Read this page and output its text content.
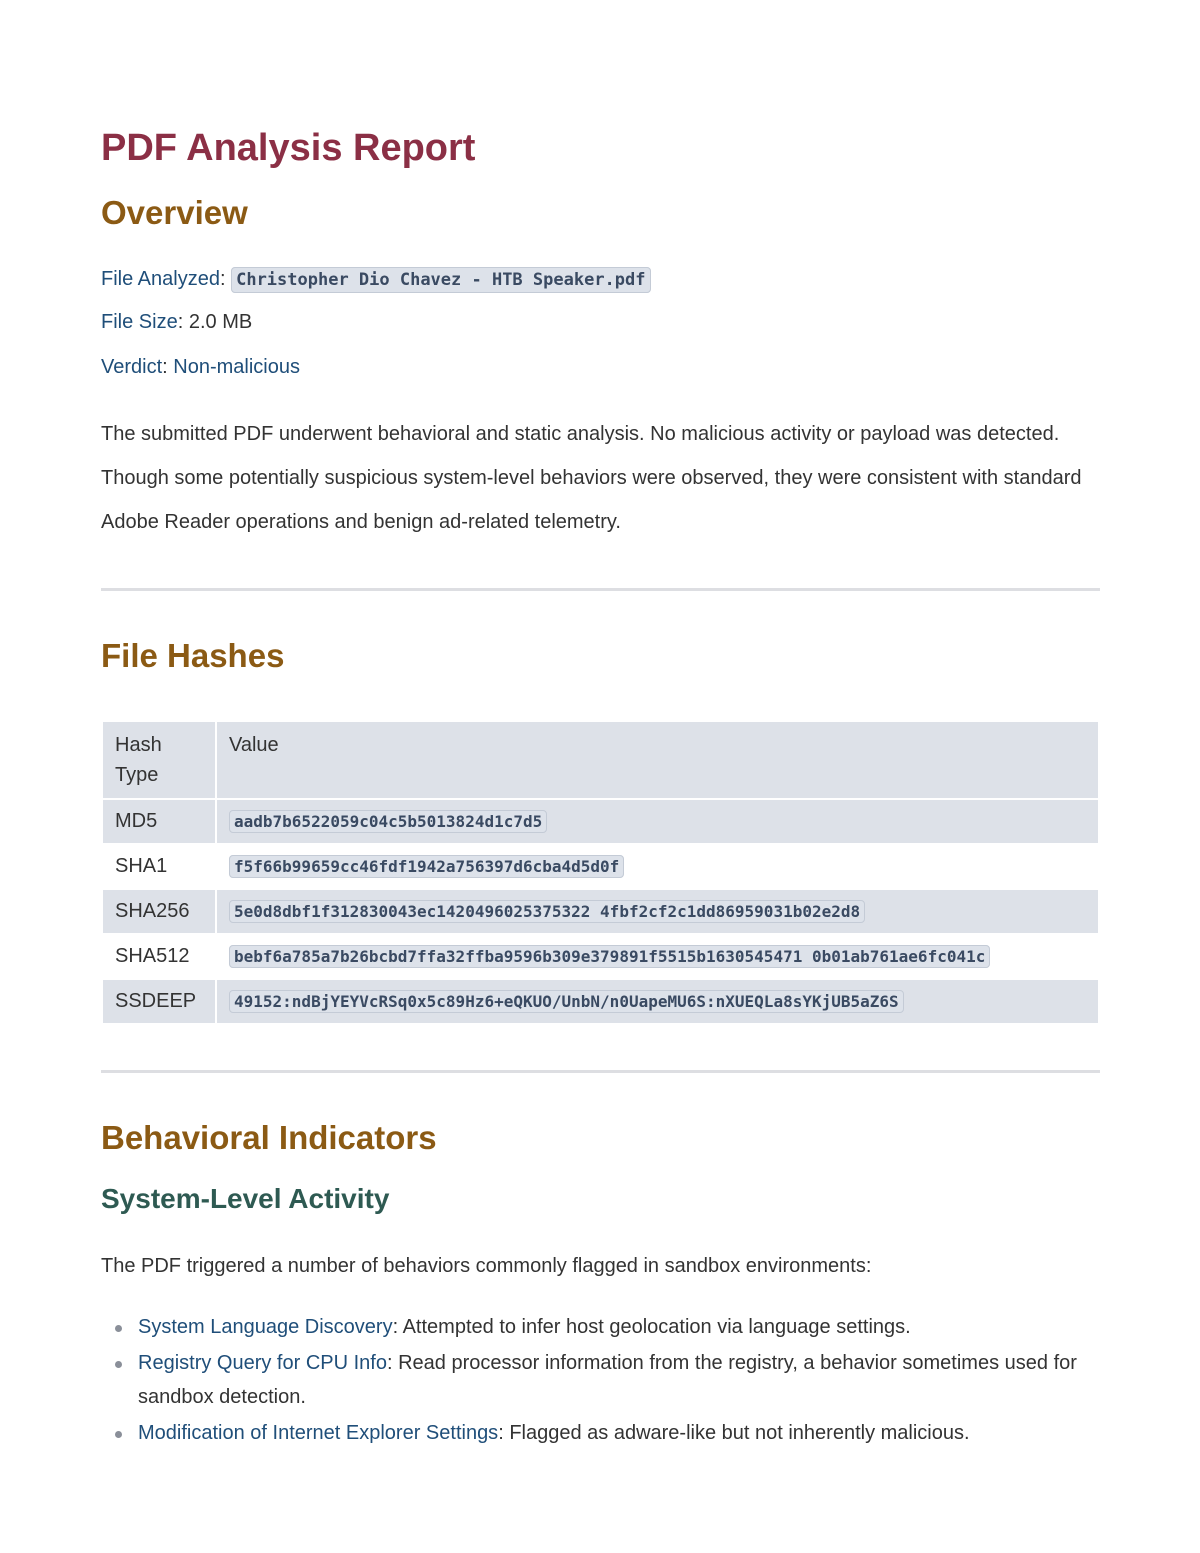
PDF Analysis Report
Overview
File Analyzed: Christopher Dio Chavez - HTB Speaker.pdf
File Size: 2.0 MB
Verdict: Non-malicious

The submitted PDF underwent behavioral and static analysis. No malicious activity or payload was detected. Though some potentially suspicious system-level behaviors were observed, they were consistent with standard Adobe Reader operations and benign ad-related telemetry.

File Hashes
Hash Type	Value
MD5	aadb7b6522059c04c5b5013824d1c7d5
SHA1	f5f66b99659cc46fdf1942a756397d6cba4d5d0f
SHA256	5e0d8dbf1f312830043ec1420496025375322 4fbf2cf2c1dd86959031b02e2d8
SHA512	bebf6a785a7b26bcbd7ffa32ffba9596b309e379891f5515b1630545471 0b01ab761ae6fc041c
SSDEEP	49152:ndBjYEYVcRSq0x5c89Hz6+eQKUO/UnbN/n0UapeMU6S:nXUEQLa8sYKjUB5aZ6S
Behavioral Indicators
System-Level Activity

The PDF triggered a number of behaviors commonly flagged in sandbox environments:

System Language Discovery: Attempted to infer host geolocation via language settings.
Registry Query for CPU Info: Read processor information from the registry, a behavior sometimes used for sandbox detection.
Modification of Internet Explorer Settings: Flagged as adware-like but not inherently malicious.
